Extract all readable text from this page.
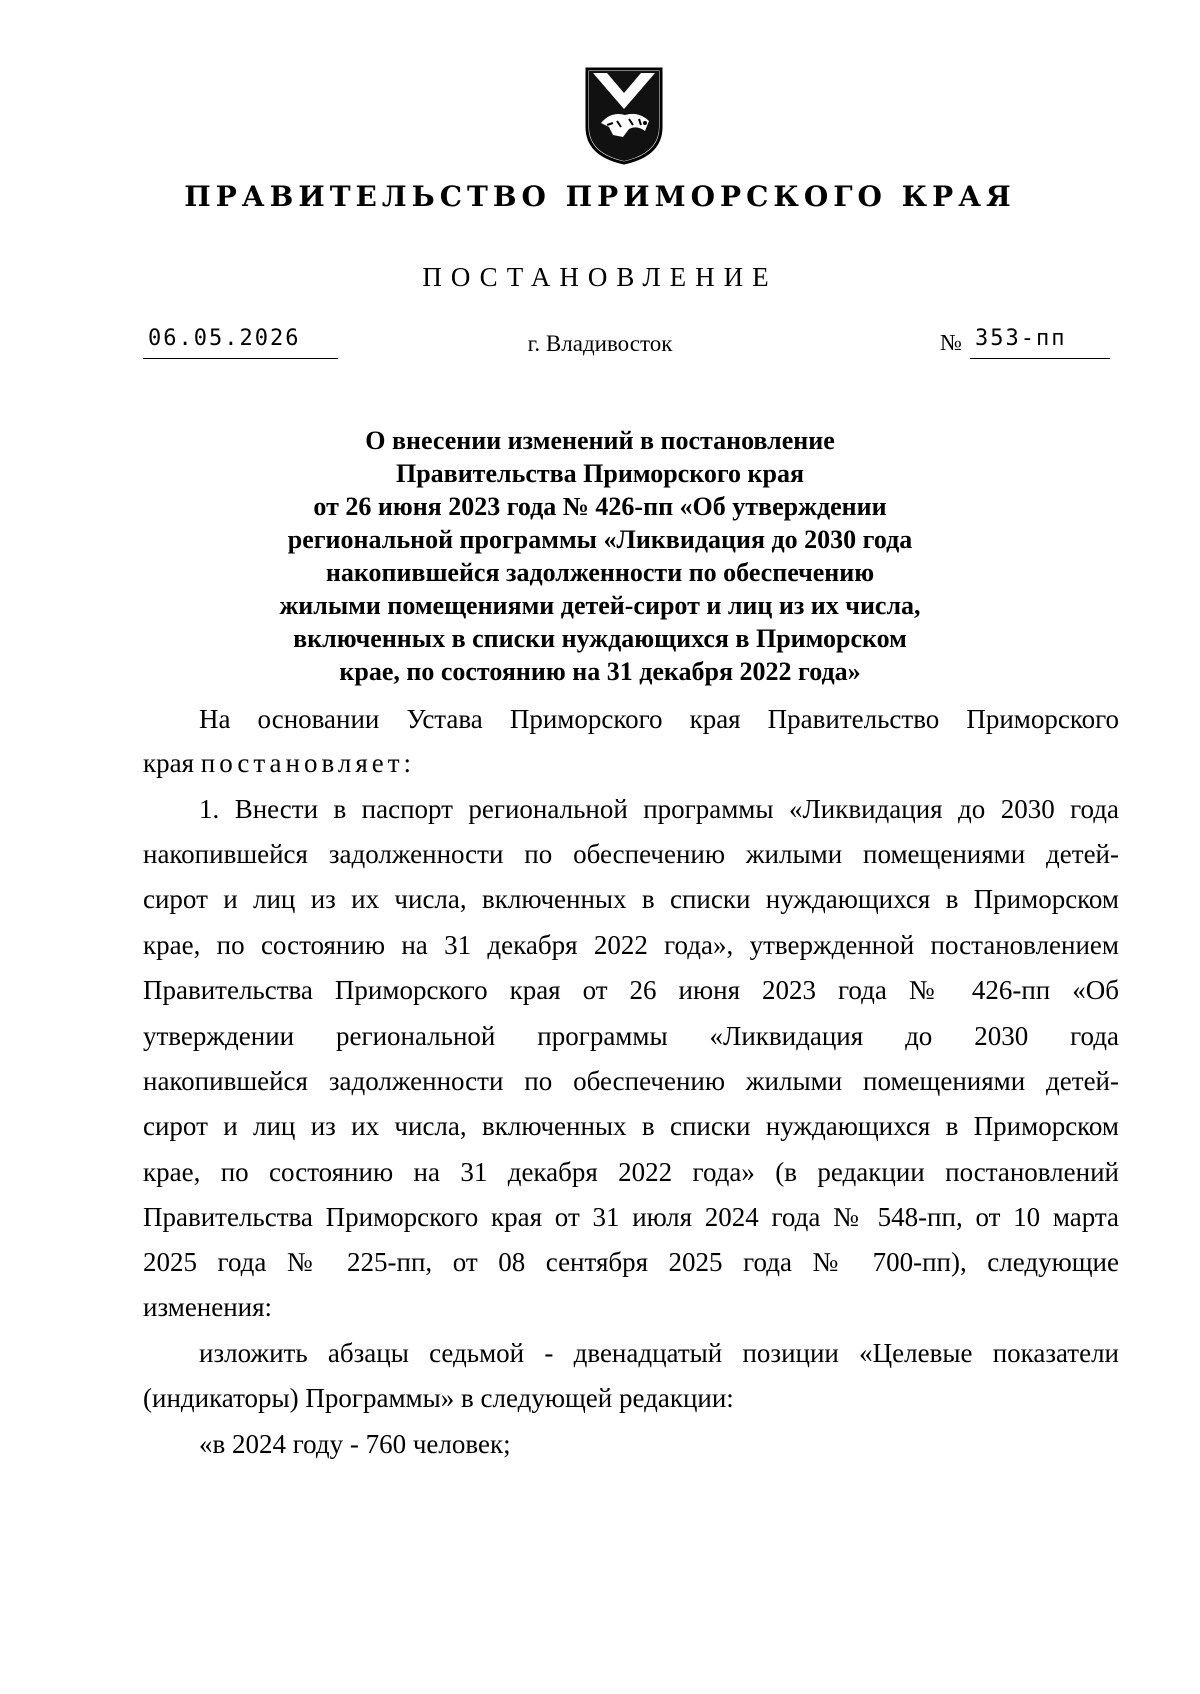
ПРАВИТЕЛЬСТВО ПРИМОРСКОГО КРАЯ
ПОСТАНОВЛЕНИЕ
06.05.2026	г. Владивосток	№ 353-пп
О внесении изменений в постановление
Правительства Приморского края
от 26 июня 2023 года № 426-пп «Об утверждении
региональной программы «Ликвидация до 2030 года
накопившейся задолженности по обеспечению
жилыми помещениями детей-сирот и лиц из их числа,
включенных в списки нуждающихся в Приморском
крае, по состоянию на 31 декабря 2022 года»
На основании Устава Приморского края Правительство Приморского
края постановляет:
1. Внести в паспорт региональной программы «Ликвидация до 2030 года
накопившейся задолженности по обеспечению жилыми помещениями детей-
сирот и лиц из их числа, включенных в списки нуждающихся в Приморском
крае, по состоянию на 31 декабря 2022 года», утвержденной постановлением
Правительства Приморского края от 26 июня 2023 года № 426-пп «Об
утверждении региональной программы «Ликвидация до 2030 года
накопившейся задолженности по обеспечению жилыми помещениями детей-
сирот и лиц из их числа, включенных в списки нуждающихся в Приморском
крае, по состоянию на 31 декабря 2022 года» (в редакции постановлений
Правительства Приморского края от 31 июля 2024 года № 548-пп, от 10 марта
2025 года № 225-пп, от 08 сентября 2025 года № 700-пп), следующие
изменения:
изложить абзацы седьмой - двенадцатый позиции «Целевые показатели
(индикаторы) Программы» в следующей редакции:
«в 2024 году - 760 человек;
